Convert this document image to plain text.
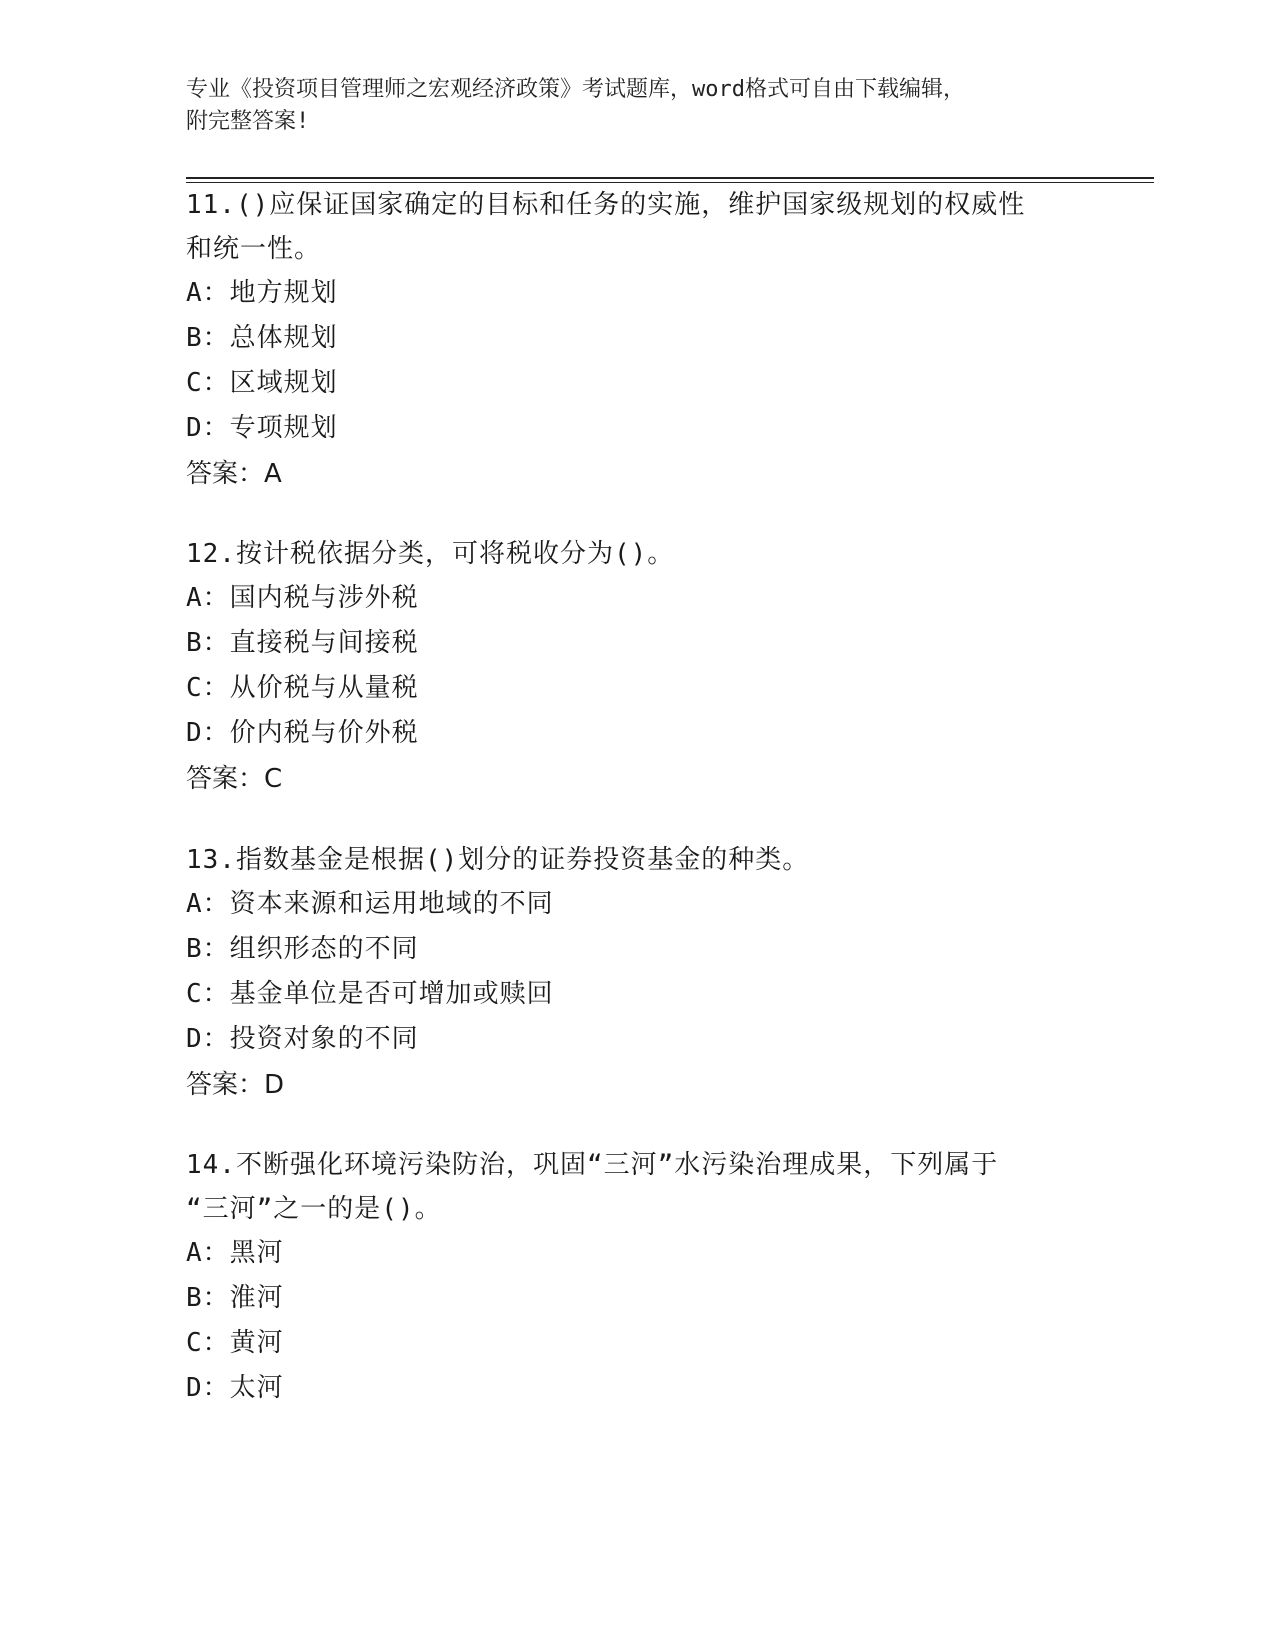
专业《投资项目管理师之宏观经济政策》考试题库，word格式可自由下载编辑，
附完整答案!
11.()应保证国家确定的目标和任务的实施，维护国家级规划的权威性
和统一性。
A：地方规划
B：总体规划
C：区域规划
D：专项规划
答案：A
12.按计税依据分类，可将税收分为()。
A：国内税与涉外税
B：直接税与间接税
C：从价税与从量税
D：价内税与价外税
答案：C
13.指数基金是根据()划分的证券投资基金的种类。
A：资本来源和运用地域的不同
B：组织形态的不同
C：基金单位是否可增加或赎回
D：投资对象的不同
答案：D
14.不断强化环境污染防治，巩固“三河”水污染治理成果，下列属于
“三河”之一的是()。
A：黑河
B：淮河
C：黄河
D：太河
